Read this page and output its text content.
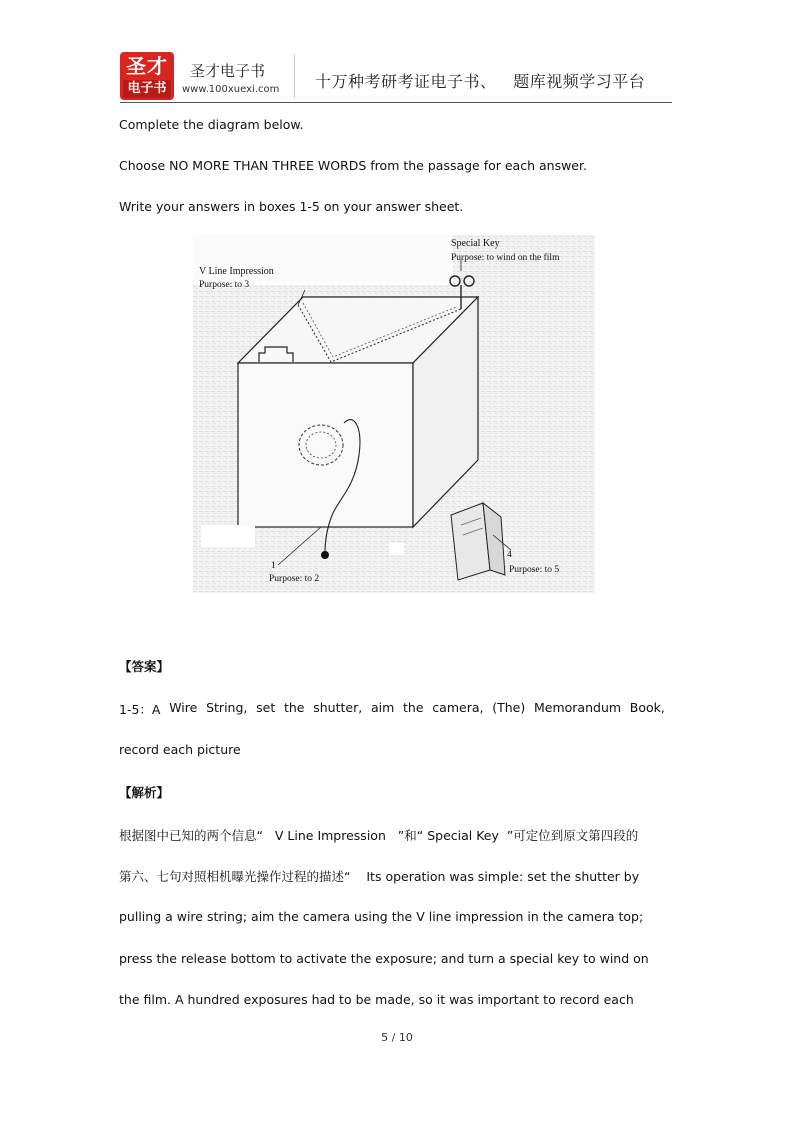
圣才
电子书
圣才电子书
www.100xuexi.com 十万种考研考证电子书、   题库视频学习平台
Complete the diagram below.
Choose NO MORE THAN THREE WORDS from the passage for each answer.
Write your answers in boxes 1-5 on your answer sheet.
Special Key
Purpose: to wind on the film
V Line Impression
Purpose: to 3
1
Purpose: to 2
4
Purpose: to 5
【答案】
1-5：A Wire String, set the shutter, aim the camera, (The) Memorandum Book,
record each picture
【解析】
根据图中已知的两个信息“   V Line Impression   ”和“ Special Key  ”可定位到原文第四段的
第六、七句对照相机曝光操作过程的描述“    Its operation was simple: set the shutter by
pulling a wire string; aim the camera using the V line impression in the camera top;
press the release bottom to activate the exposure; and turn a special key to wind on
the film. A hundred exposures had to be made, so it was important to record each
5 / 10
